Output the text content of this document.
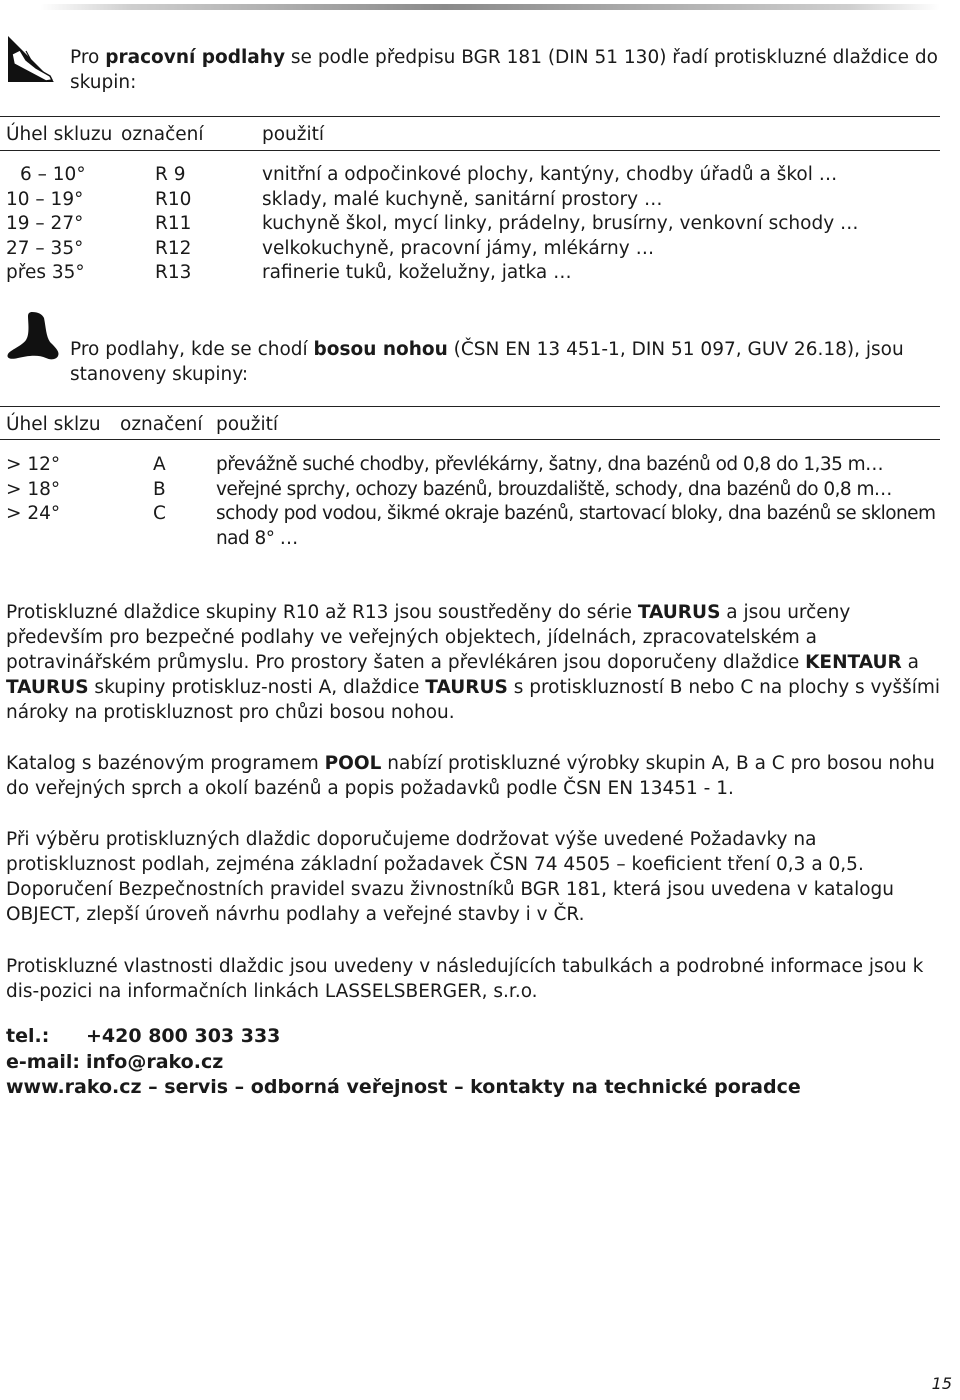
Pro pracovní podlahy se podle předpisu BGR 181 (DIN 51 130) řadí protiskluzné dlaždice do skupin:

Úhel skluzu označení	použití
6 – 10°	R 9	vnitřní a odpočinkové plochy, kantýny, chodby úřadů a škol …
10 – 19°	R10	sklady, malé kuchyně, sanitární prostory …
19 – 27°	R11	kuchyně škol, mycí linky, prádelny, brusírny, venkovní schody …
27 – 35°	R12	velkokuchyně, pracovní jámy, mlékárny …
přes 35°	R13	rafinerie tuků, koželužny, jatka …

Pro podlahy, kde se chodí bosou nohou (ČSN EN 13 451-1, DIN 51 097, GUV 26.18), jsou stanoveny skupiny:

Úhel sklzu označení použití
> 12°	A	převážně suché chodby, převlékárny, šatny, dna bazénů od 0,8 do 1,35 m…
> 18°	B	veřejné sprchy, ochozy bazénů, brouzdaliště, schody, dna bazénů do 0,8 m…
> 24°	C	schody pod vodou, šikmé okraje bazénů, startovací bloky, dna bazénů se sklonem
nad 8° …

Protiskluzné dlaždice skupiny R10 až R13 jsou soustředěny do série TAURUS a jsou určeny především pro bezpečné podlahy ve veřejných objektech, jídelnách, zpracovatelském a potravinářském průmyslu. Pro prostory šaten a převlékáren jsou doporučeny dlaždice KENTAUR a TAURUS skupiny protiskluz-nosti A, dlaždice TAURUS s protiskluzností B nebo C na plochy s vyššími nároky na protiskluznost pro chůzi bosou nohou.

Katalog s bazénovým programem POOL nabízí protiskluzné výrobky skupin A, B a C pro bosou nohu do veřejných sprch a okolí bazénů a popis požadavků podle ČSN EN 13451 - 1.

Při výběru protiskluzných dlaždic doporučujeme dodržovat výše uvedené Požadavky na protiskluznost podlah, zejména základní požadavek ČSN 74 4505 – koeficient tření 0,3 a 0,5.

Doporučení Bezpečnostních pravidel svazu živnostníků BGR 181, která jsou uvedena v katalogu OBJECT, zlepší úroveň návrhu podlahy a veřejné stavby i v ČR.

Protiskluzné vlastnosti dlaždic jsou uvedeny v následujících tabulkách a podrobné informace jsou k dis-pozici na informačních linkách LASSELSBERGER, s.r.o.

tel.: +420 800 303 333
e-mail: info@rako.cz
www.rako.cz – servis – odborná veřejnost – kontakty na technické poradce
15
